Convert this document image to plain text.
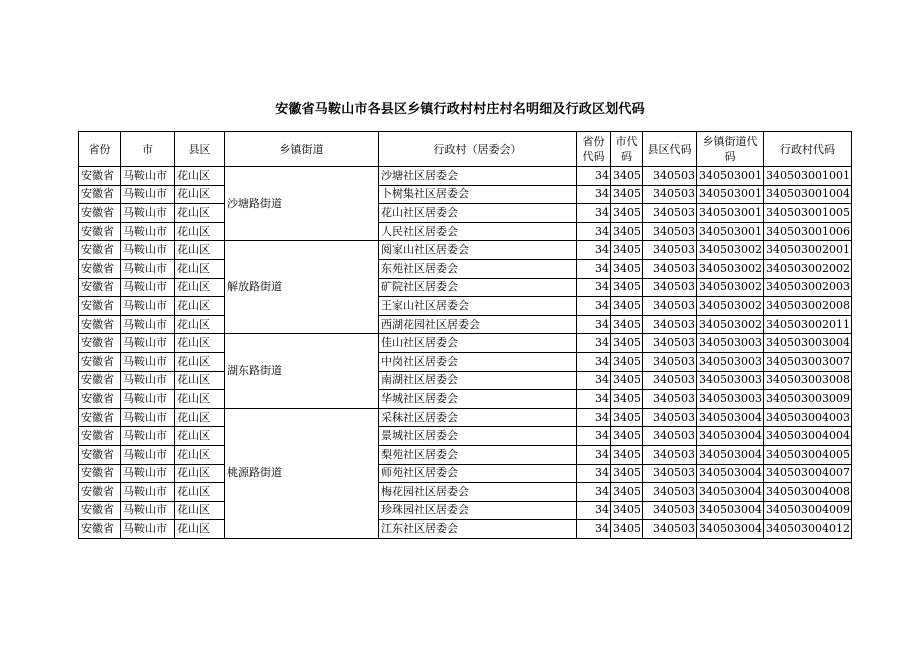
安徽省马鞍山市各县区乡镇行政村村庄村名明细及行政区划代码
省份	市	县区	乡镇街道	行政村（居委会）	省份代码	市代码	县区代码	乡镇街道代码	行政村代码
安徽省	马鞍山市	花山区	沙塘路街道	沙塘社区居委会	34	3405	340503	340503001	340503001001
安徽省	马鞍山市	花山区		卜树集社区居委会	34	3405	340503	340503001	340503001004
安徽省	马鞍山市	花山区		花山社区居委会	34	3405	340503	340503001	340503001005
安徽省	马鞍山市	花山区		人民社区居委会	34	3405	340503	340503001	340503001006
安徽省	马鞍山市	花山区	解放路街道	阅家山社区居委会	34	3405	340503	340503002	340503002001
安徽省	马鞍山市	花山区		东苑社区居委会	34	3405	340503	340503002	340503002002
安徽省	马鞍山市	花山区		矿院社区居委会	34	3405	340503	340503002	340503002003
安徽省	马鞍山市	花山区		王家山社区居委会	34	3405	340503	340503002	340503002008
安徽省	马鞍山市	花山区		西湖花园社区居委会	34	3405	340503	340503002	340503002011
安徽省	马鞍山市	花山区	湖东路街道	佳山社区居委会	34	3405	340503	340503003	340503003004
安徽省	马鞍山市	花山区		中岗社区居委会	34	3405	340503	340503003	340503003007
安徽省	马鞍山市	花山区		南湖社区居委会	34	3405	340503	340503003	340503003008
安徽省	马鞍山市	花山区		华城社区居委会	34	3405	340503	340503003	340503003009
安徽省	马鞍山市	花山区	桃源路街道	采秣社区居委会	34	3405	340503	340503004	340503004003
安徽省	马鞍山市	花山区		景城社区居委会	34	3405	340503	340503004	340503004004
安徽省	马鞍山市	花山区		梨苑社区居委会	34	3405	340503	340503004	340503004005
安徽省	马鞍山市	花山区		师苑社区居委会	34	3405	340503	340503004	340503004007
安徽省	马鞍山市	花山区		梅花园社区居委会	34	3405	340503	340503004	340503004008
安徽省	马鞍山市	花山区		珍珠园社区居委会	34	3405	340503	340503004	340503004009
安徽省	马鞍山市	花山区		江东社区居委会	34	3405	340503	340503004	340503004012
